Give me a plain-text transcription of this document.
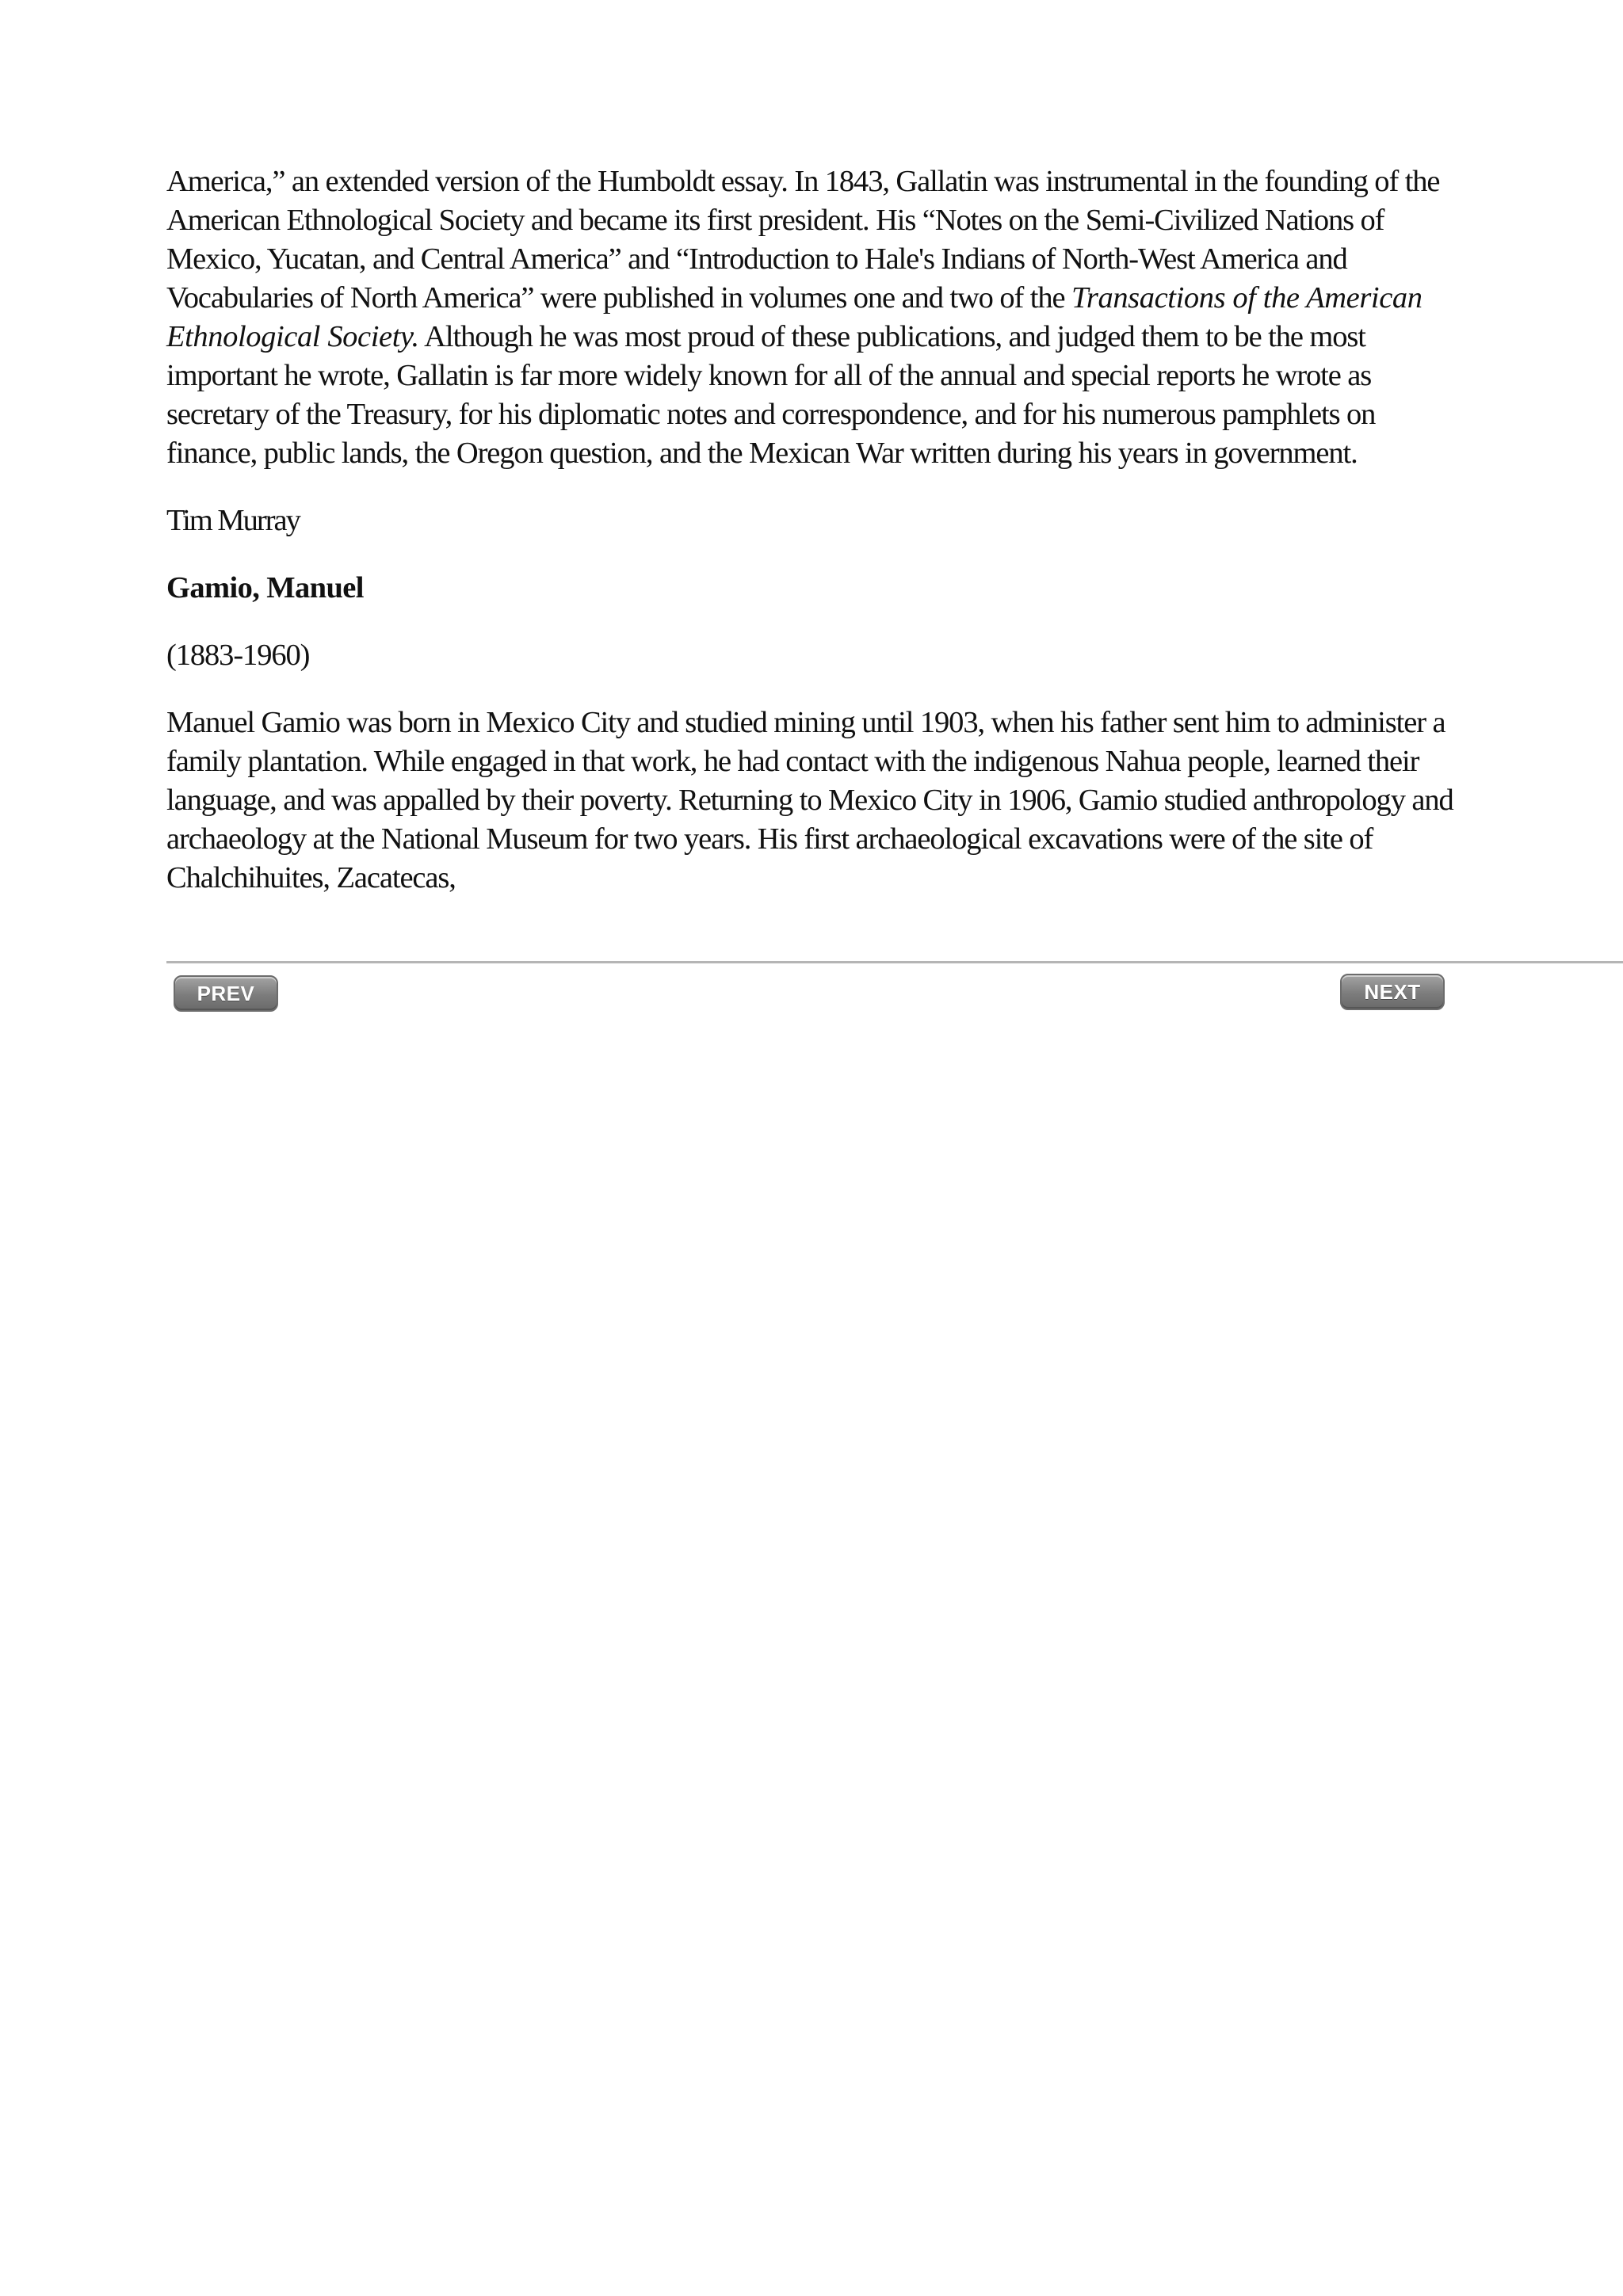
America,” an extended version of the Humboldt essay. In 1843, Gallatin was instrumental in the founding of the American Ethnological Society and became its first president. His “Notes on the Semi-Civilized Nations of Mexico, Yucatan, and Central America” and “Introduction to Hale's Indians of North-West America and Vocabularies of North America” were published in volumes one and two of the Transactions of the American Ethnological Society. Although he was most proud of these publications, and judged them to be the most important he wrote, Gallatin is far more widely known for all of the annual and special reports he wrote as secretary of the Treasury, for his diplomatic notes and correspondence, and for his numerous pamphlets on finance, public lands, the Oregon question, and the Mexican War written during his years in government.

Tim Murray

Gamio, Manuel

(1883-1960)

Manuel Gamio was born in Mexico City and studied mining until 1903, when his father sent him to administer a family plantation. While engaged in that work, he had contact with the indigenous Nahua people, learned their language, and was appalled by their poverty. Returning to Mexico City in 1906, Gamio studied anthropology and archaeology at the National Museum for two years. His first archaeological excavations were of the site of Chalchihuites, Zacatecas,

PREV	NEXT
